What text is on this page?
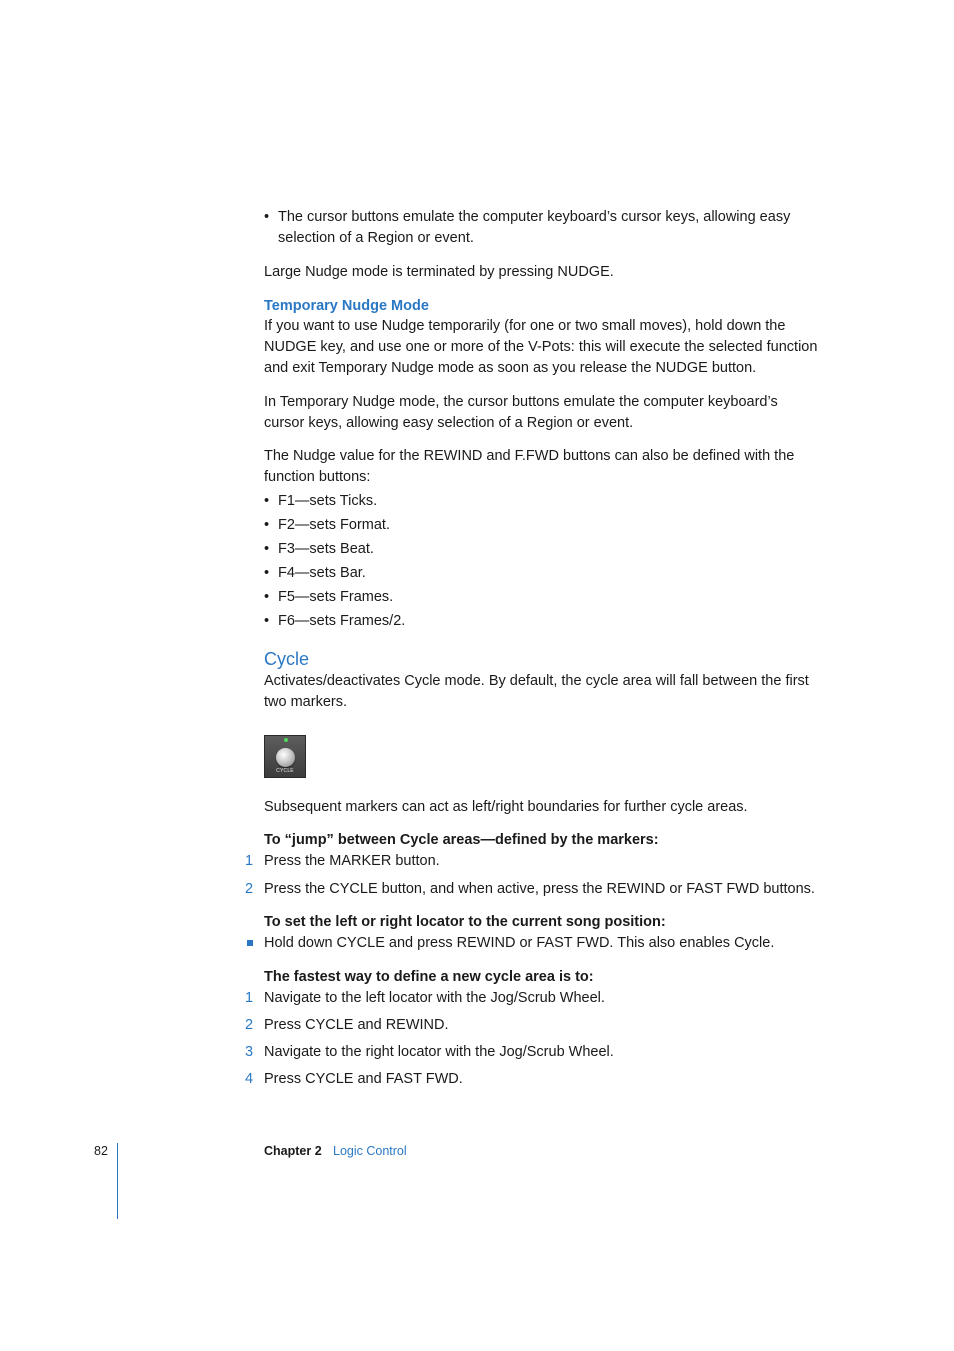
• The cursor buttons emulate the computer keyboard’s cursor keys, allowing easy
selection of a Region or event.
Large Nudge mode is terminated by pressing NUDGE.
Temporary Nudge Mode
If you want to use Nudge temporarily (for one or two small moves), hold down the
NUDGE key, and use one or more of the V-Pots: this will execute the selected function
and exit Temporary Nudge mode as soon as you release the NUDGE button.
In Temporary Nudge mode, the cursor buttons emulate the computer keyboard’s
cursor keys, allowing easy selection of a Region or event.
The Nudge value for the REWIND and F.FWD buttons can also be defined with the
function buttons:
• F1—sets Ticks.
• F2—sets Format.
• F3—sets Beat.
• F4—sets Bar.
• F5—sets Frames.
• F6—sets Frames/2.
Cycle
Activates/deactivates Cycle mode. By default, the cycle area will fall between the first
two markers.
CYCLE
Subsequent markers can act as left/right boundaries for further cycle areas.
To “jump” between Cycle areas—defined by the markers:
1 Press the MARKER button.
2 Press the CYCLE button, and when active, press the REWIND or FAST FWD buttons.
To set the left or right locator to the current song position:
Hold down CYCLE and press REWIND or FAST FWD. This also enables Cycle.
The fastest way to define a new cycle area is to:
1 Navigate to the left locator with the Jog/Scrub Wheel.
2 Press CYCLE and REWIND.
3 Navigate to the right locator with the Jog/Scrub Wheel.
4 Press CYCLE and FAST FWD.
82	Chapter 2 Logic Control
